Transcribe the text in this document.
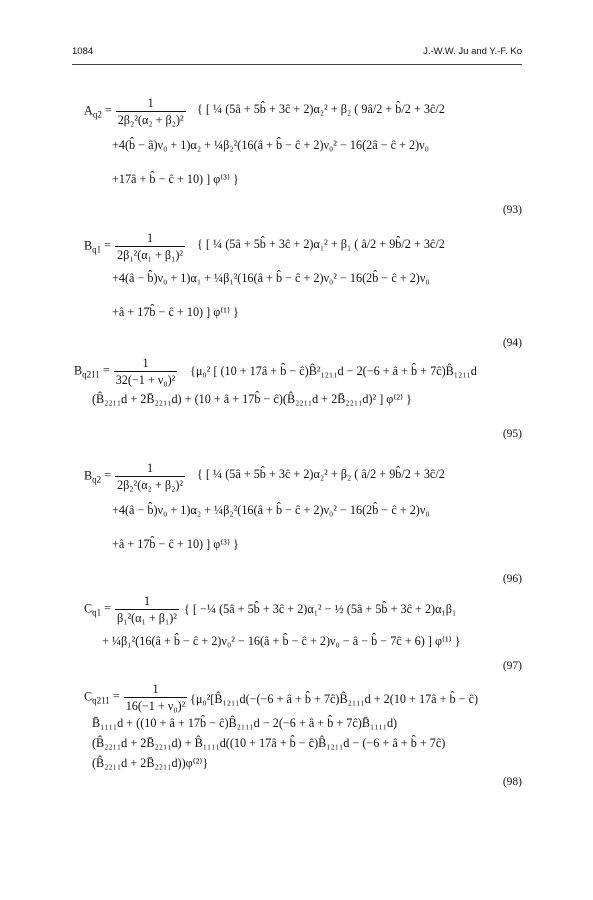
1084	J.-W.W. Ju and Y.-F. Ko
$A_{q2} = \frac{1}{\text{2β₂²(α₂ + β₂)²}}$ { [ ¼ (5â + 5b̂ + 3ĉ + 2)α₂² + β₂ ( 9â/2 + b̂/2 + 3ĉ/2
+4(b̂ − â)ν₀ + 1)α₂ + ¼β₂²(16(â + b̂ − ĉ + 2)ν₀² − 16(2â − ĉ + 2)ν₀
+17â + b̂ − ĉ + 10) ] φ⁽³⁾ }
(93)
$B_{q1} = \frac{1}{\text{2β₁²(α₁ + β₁)²}}$ { [ ¼ (5â + 5b̂ + 3ĉ + 2)α₁² + β₁ ( â/2 + 9b̂/2 + 3ĉ/2
+4(â − b̂)ν₀ + 1)α₁ + ¼β₁²(16(â + b̂ − ĉ + 2)ν₀² − 16(2b̂ − ĉ + 2)ν₀
+â + 17b̂ − ĉ + 10) ] φ⁽¹⁾ }
(94)
$B_{q211} = \frac{1}{\text{32(−1 + ν₀)²}} \{\mu_0^2$ [ (10 + 17â + b̂ − ĉ)B̂²₁₂₁₁d − 2(−6 + â + b̂ + 7ĉ)B̂₁₂₁₁d
(B̂₂₂₁₁d + 2B̄₂₂₁₁d) + (10 + â + 17b̂ − ĉ)(B̂₂₂₁₁d + 2B̄₂₂₁₁d)² ] φ⁽²⁾ }
(95)
$B_{q2} = \frac{1}{\text{2β₂²(α₂ + β₂)²}}$ { [ ¼ (5â + 5b̂ + 3ĉ + 2)α₂² + β₂ ( â/2 + 9b̂/2 + 3ĉ/2
+4(â − b̂)ν₀ + 1)α₂ + ¼β₂²(16(â + b̂ − ĉ + 2)ν₀² − 16(2b̂ − ĉ + 2)ν₀
+â + 17b̂ − ĉ + 10) ] φ⁽³⁾ }
(96)
$C_{q1} = \frac{1}{\text{β₁²(α₁ + β₁)²}}$ { [ −¼ (5â + 5b̂ + 3ĉ + 2)α₁² − ½ (5â + 5b̂ + 3ĉ + 2)α₁β₁
+ ¼β₁²(16(â + b̂ − ĉ + 2)ν₀² − 16(â + b̂ − ĉ + 2)ν₀ − â − b̂ − 7ĉ + 6) ] φ⁽¹⁾ }
(97)
$C_{q211} = \frac{1}{\text{16(−1 + ν₀)²}}$ {μ₀²[B̂₁₂₁₁d(−(−6 + â + b̂ + 7ĉ)B̂₂₁₁₁d + 2(10 + 17â + b̂ − ĉ)
B̄₁₁₁₁d + ((10 + â + 17b̂ − ĉ)B̂₂₁₁₁d − 2(−6 + â + b̂ + 7ĉ)B̄₁₁₁₁d)
(B̂₂₂₁₁d + 2B̄₂₂₁₁d) + B̂₁₁₁₁d((10 + 17â + b̂ − ĉ)B̂₁₂₁₁d − (−6 + â + b̂ + 7ĉ)
(B̂₂₂₁₁d + 2B̄₂₂₁₁d))φ⁽²⁾}
(98)
